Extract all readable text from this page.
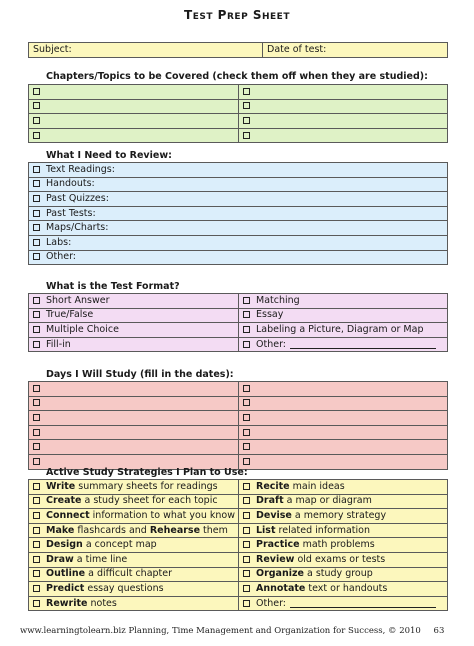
TEST PREP SHEET
Subject:	Date of test:
Chapters/Topics to be Covered (check them off when they are studied):

What I Need to Review:
Text Readings:
Handouts:
Past Quizzes:
Past Tests:
Maps/Charts:
Labs:
Other:
What is the Test Format?
Short Answer	Matching
True/False	Essay
Multiple Choice	Labeling a Picture, Diagram or Map
Fill-in	Other:
Days I Will Study (fill in the dates):

Active Study Strategies I Plan to Use:
Write summary sheets for readings	Recite main ideas
Create a study sheet for each topic	Draft a map or diagram
Connect information to what you know	Devise a memory strategy
Make flashcards and Rehearse them	List related information
Design a concept map	Practice math problems
Draw a time line	Review old exams or tests
Outline a difficult chapter	Organize a study group
Predict essay questions	Annotate text or handouts
Rewrite notes	Other:
www.learningtolearn.biz Planning, Time Management and Organization for Success, © 2010 63
